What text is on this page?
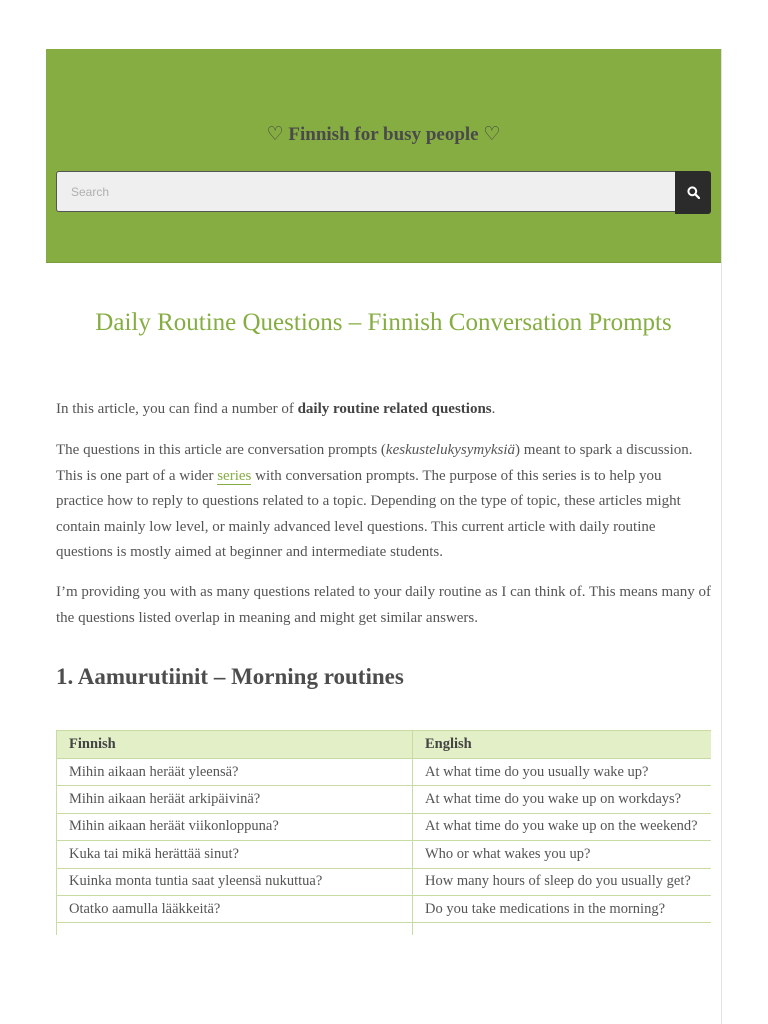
♡ Finnish for busy people ♡
Search
Daily Routine Questions – Finnish Conversation Prompts

In this article, you can find a number of daily routine related questions.

The questions in this article are conversation prompts (keskustelukysymyksiä) meant to spark a discussion. This is one part of a wider series with conversation prompts. The purpose of this series is to help you practice how to reply to questions related to a topic. Depending on the type of topic, these articles might contain mainly low level, or mainly advanced level questions. This current article with daily routine questions is mostly aimed at beginner and intermediate students.

I’m providing you with as many questions related to your daily routine as I can think of. This means many of the questions listed overlap in meaning and might get similar answers.

1. Aamurutiinit – Morning routines
Finnish	English
Mihin aikaan heräät yleensä?	At what time do you usually wake up?
Mihin aikaan heräät arkipäivinä?	At what time do you wake up on workdays?
Mihin aikaan heräät viikonloppuna?	At what time do you wake up on the weekend?
Kuka tai mikä herättää sinut?	Who or what wakes you up?
Kuinka monta tuntia saat yleensä nukuttua?	How many hours of sleep do you usually get?
Otatko aamulla lääkkeitä?	Do you take medications in the morning?
